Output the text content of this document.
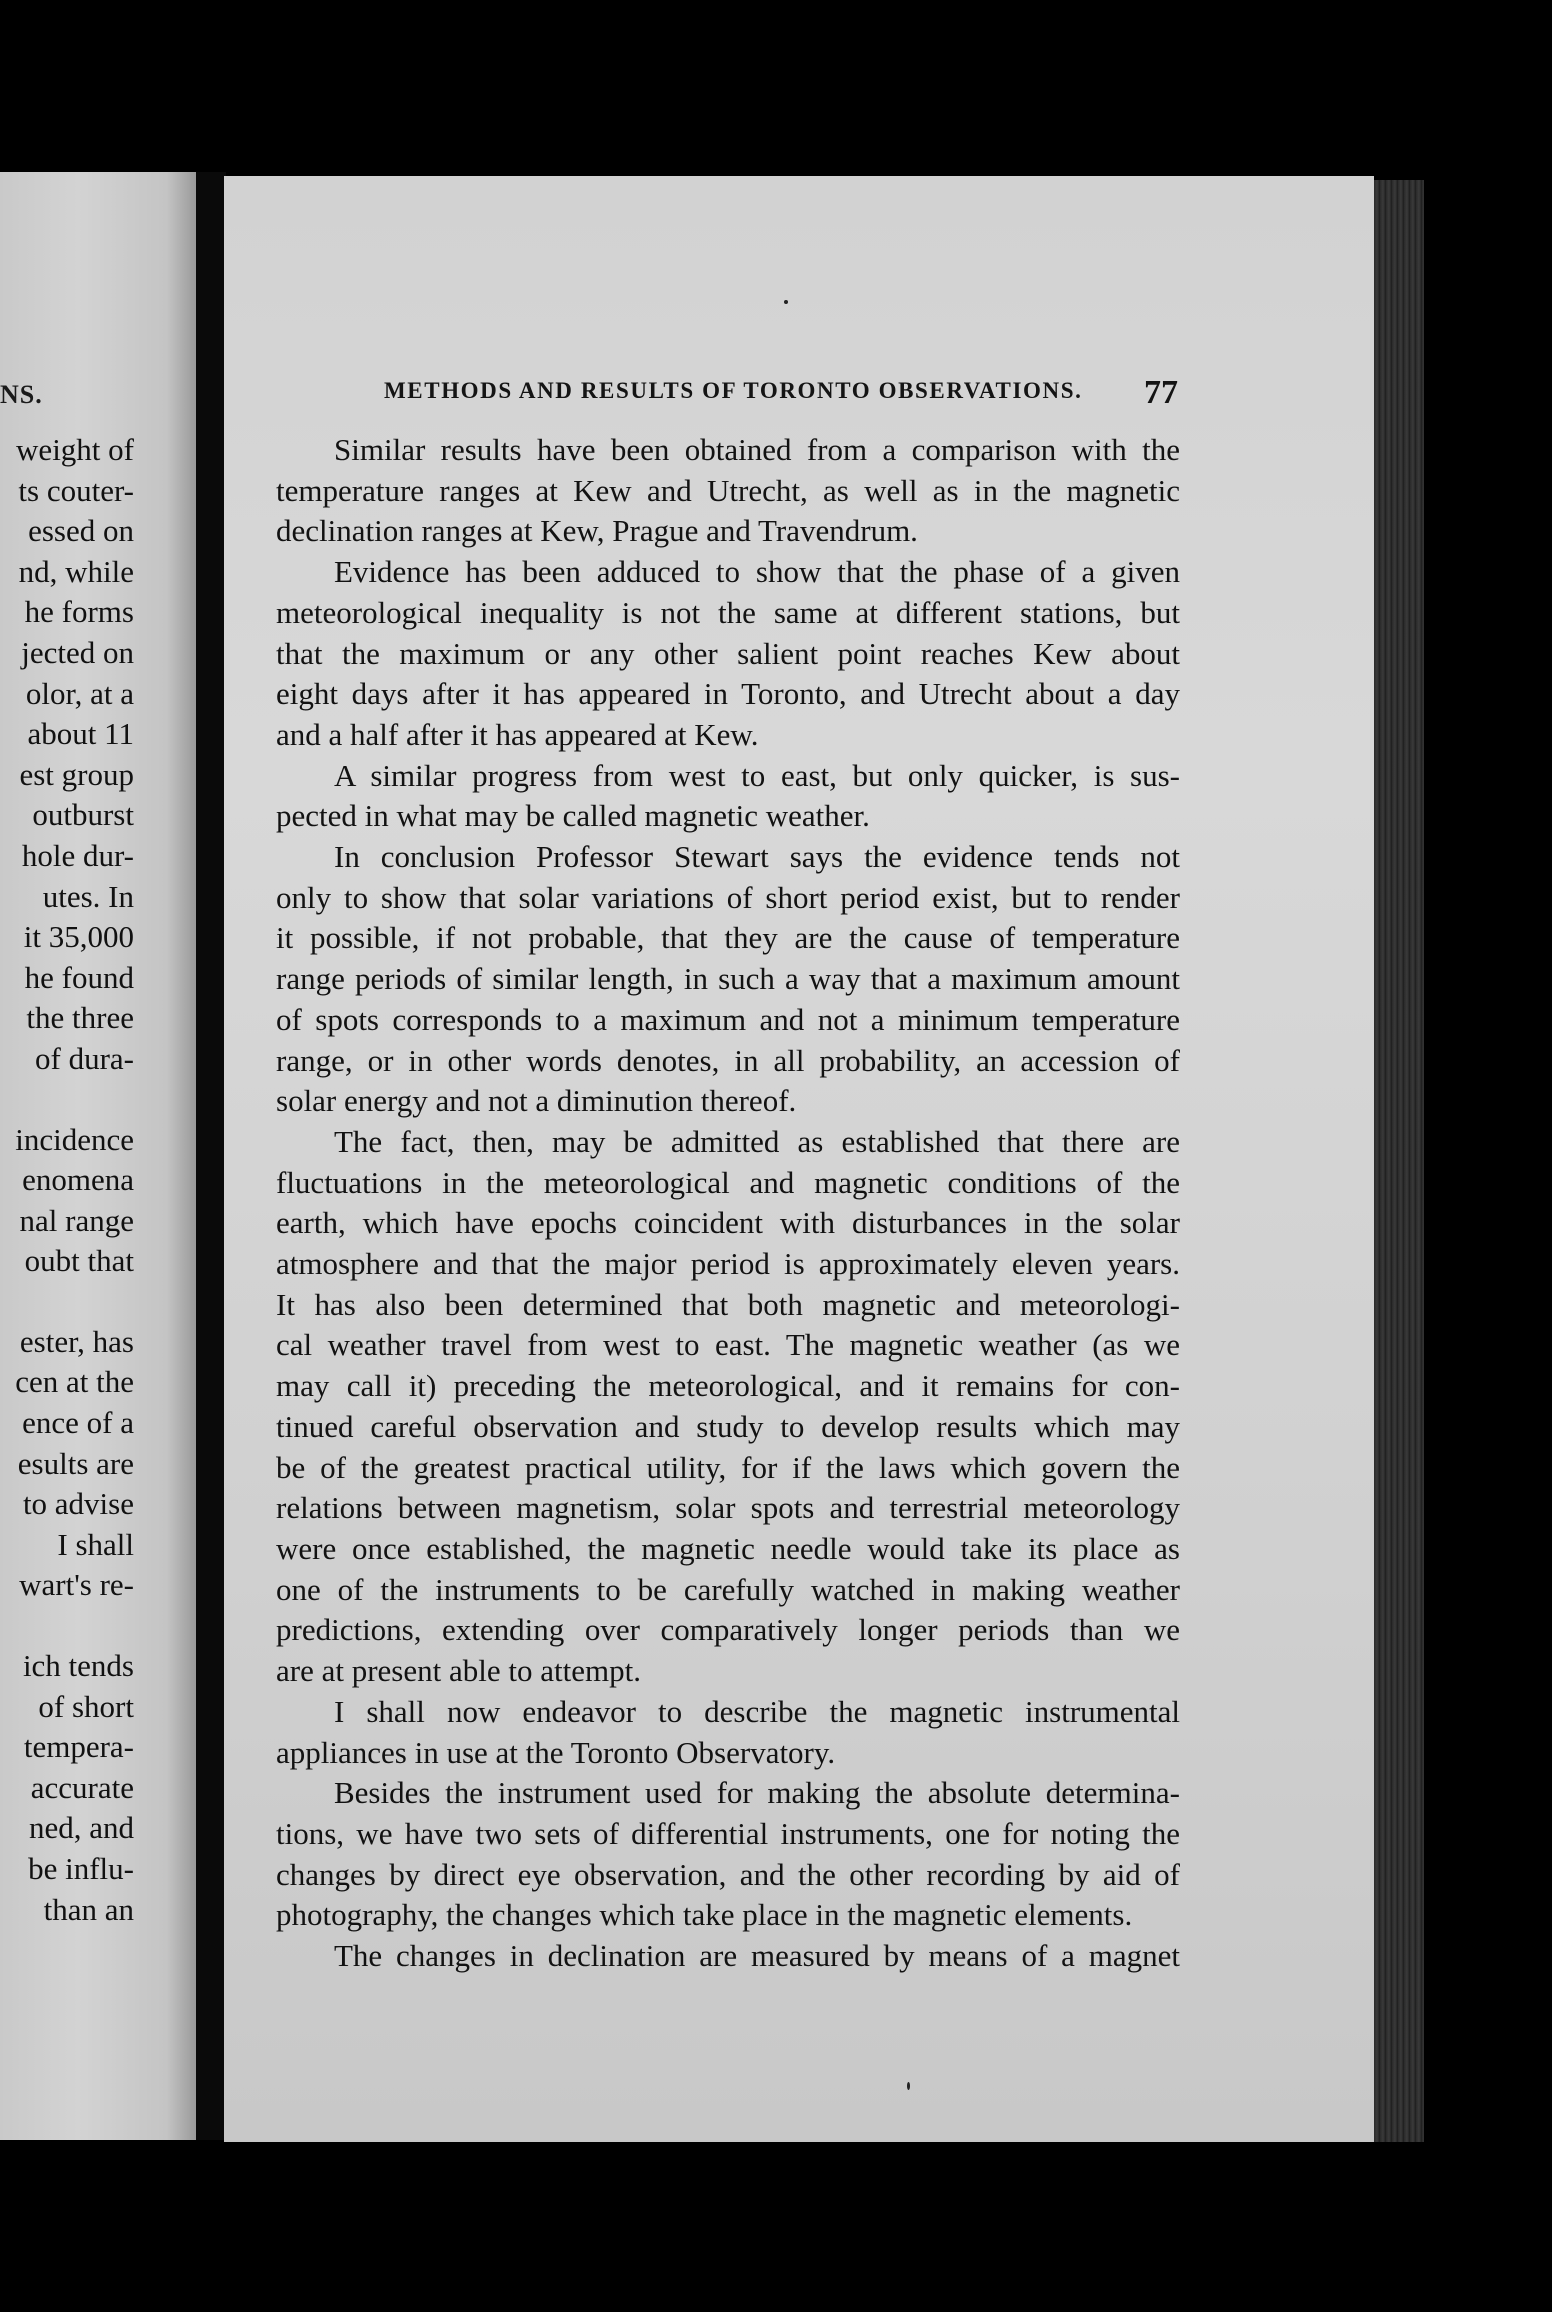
NS.
weight of
ts couter-
essed on
nd, while
he forms
jected on
olor, at a
about 11
est group
outburst
hole dur-
utes. In
it 35,000
he found
the three
of dura-
incidence
enomena
nal range
oubt that
ester, has
cen at the
ence of a
esults are
to advise
I shall
wart's re-
ich tends
of short
tempera-
accurate
ned, and
be influ-
than an
METHODS AND RESULTS OF TORONTO OBSERVATIONS.	77
Similar results have been obtained from a comparison with the
temperature ranges at Kew and Utrecht, as well as in the magnetic
declination ranges at Kew, Prague and Travendrum.
Evidence has been adduced to show that the phase of a given
meteorological inequality is not the same at different stations, but
that the maximum or any other salient point reaches Kew about
eight days after it has appeared in Toronto, and Utrecht about a day
and a half after it has appeared at Kew.
A similar progress from west to east, but only quicker, is sus-
pected in what may be called magnetic weather.
In conclusion Professor Stewart says the evidence tends not
only to show that solar variations of short period exist, but to render
it possible, if not probable, that they are the cause of temperature
range periods of similar length, in such a way that a maximum amount
of spots corresponds to a maximum and not a minimum temperature
range, or in other words denotes, in all probability, an accession of
solar energy and not a diminution thereof.
The fact, then, may be admitted as established that there are
fluctuations in the meteorological and magnetic conditions of the
earth, which have epochs coincident with disturbances in the solar
atmosphere and that the major period is approximately eleven years.
It has also been determined that both magnetic and meteorologi-
cal weather travel from west to east. The magnetic weather (as we
may call it) preceding the meteorological, and it remains for con-
tinued careful observation and study to develop results which may
be of the greatest practical utility, for if the laws which govern the
relations between magnetism, solar spots and terrestrial meteorology
were once established, the magnetic needle would take its place as
one of the instruments to be carefully watched in making weather
predictions, extending over comparatively longer periods than we
are at present able to attempt.
I shall now endeavor to describe the magnetic instrumental
appliances in use at the Toronto Observatory.
Besides the instrument used for making the absolute determina-
tions, we have two sets of differential instruments, one for noting the
changes by direct eye observation, and the other recording by aid of
photography, the changes which take place in the magnetic elements.
The changes in declination are measured by means of a magnet
